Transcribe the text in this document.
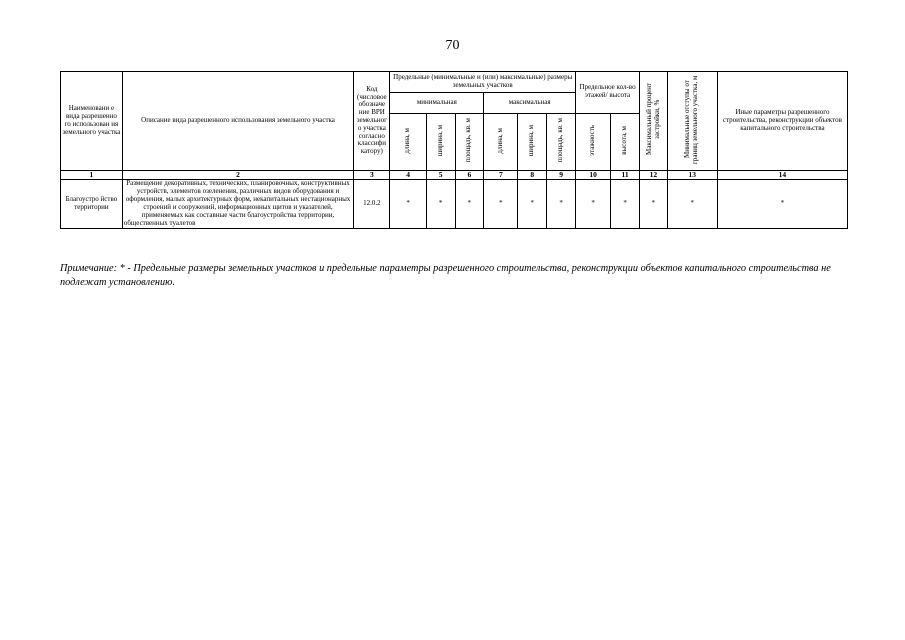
70
Наименовани е вида разрешенно го использован ия земельного участка	Описание вида разрешенного использования земельного участка	Код (числовое обозначе ние ВРИ земельног о участка согласно классифи катору)	Предельные (минимальные и (или) максимальные) размеры земельных участков						Предельное кол-во этажей/ высота		Максимальный процент застройки, %	Минимальные отступы от границ земельного участка, м	Иные параметры разрешенного строительства, реконструкции объектов капитального строительства
			минимальная			максимальная							
			длина, м	ширина, м	площадь, кв. м	длина, м	ширина, м	площадь, кв. м	этажность	высота, м			
1	2	3	4	5	6	7	8	9	10	11	12	13	14
Благоустро йство территории	Размещение декоративных, технических, планировочных, конструктивных устройств, элементов озеленения, различных видов оборудования и оформления, малых архитектурных форм, некапитальных нестационарных строений и сооружений, информационных щитов и указателей, применяемых как составные части благоустройства территории, общественных туалетов	12.0.2	*	*	*	*	*	*	*	*	*	*	*
Примечание: * - Предельные размеры земельных участков и предельные параметры разрешенного строительства, реконструкции объектов капитального строительства не подлежат установлению.
